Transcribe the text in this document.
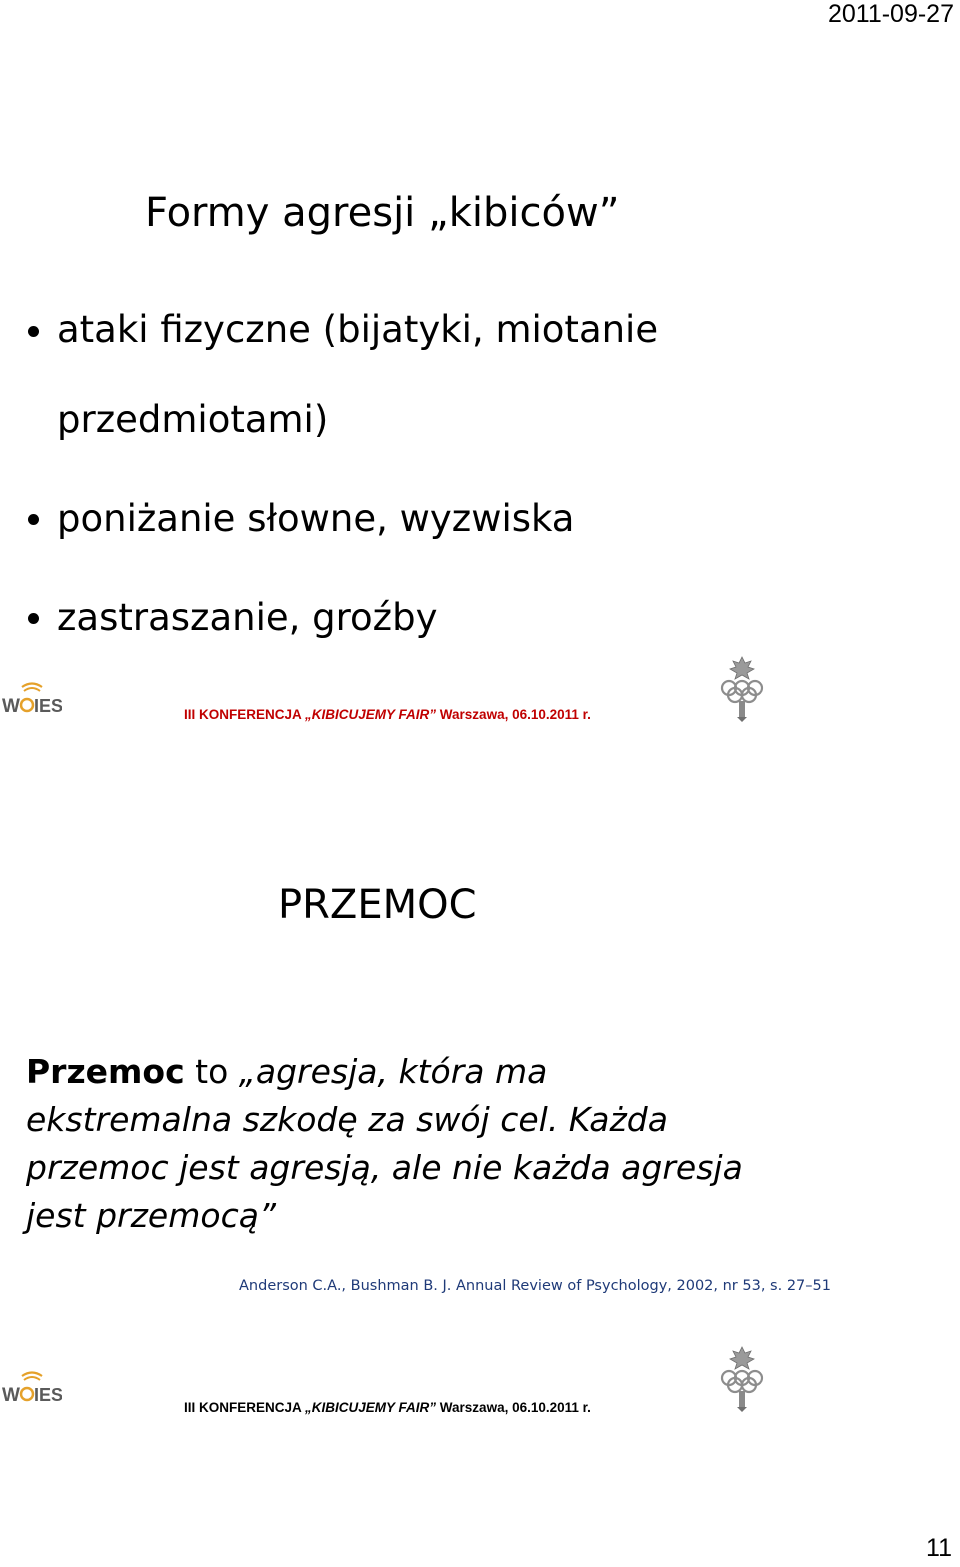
2011-09-27
Formy agresji „kibiców”
ataki fizyczne (bijatyki, miotanie
przedmiotami)
poniżanie słowne, wyzwiska
zastraszanie, groźby
W IES	III KONFERENCJA „KIBICUJEMY FAIR” Warszawa, 06.10.2011 r.
PRZEMOC
Przemoc to „agresja, która ma
ekstremalna szkodę za swój cel. Każda
przemoc jest agresją, ale nie każda agresja
jest przemocą”
Anderson C.A., Bushman B. J. Annual Review of Psychology, 2002, nr 53, s. 27–51
W IES
III KONFERENCJA „KIBICUJEMY FAIR” Warszawa, 06.10.2011 r.
11
